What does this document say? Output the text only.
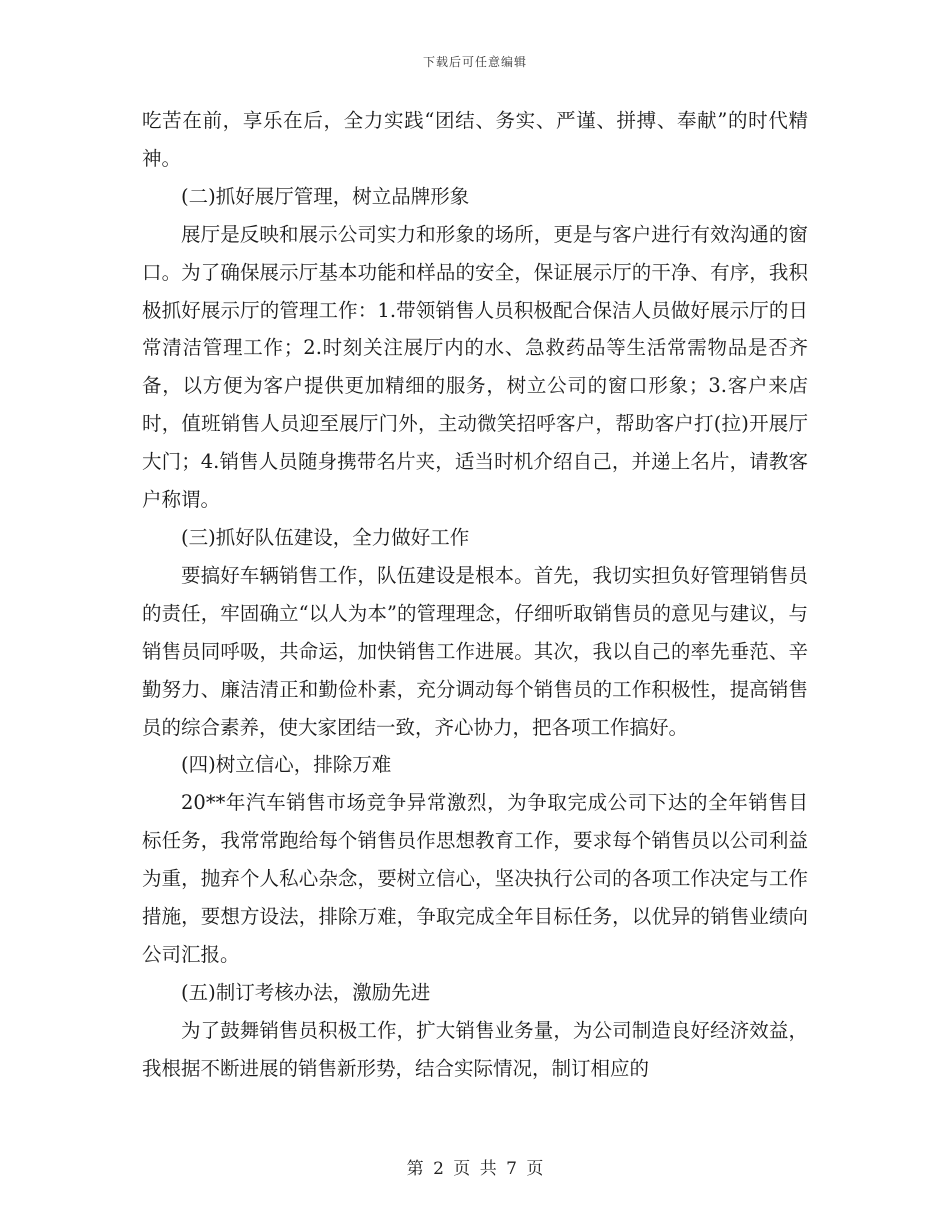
下载后可任意编辑

吃苦在前，享乐在后，全力实践“团结、务实、严谨、拼搏、奉献”的时代精神。

(二)抓好展厅管理，树立品牌形象

展厅是反映和展示公司实力和形象的场所，更是与客户进行有效沟通的窗口。为了确保展示厅基本功能和样品的安全，保证展示厅的干净、有序，我积极抓好展示厅的管理工作：1.带领销售人员积极配合保洁人员做好展示厅的日常清洁管理工作；2.时刻关注展厅内的水、急救药品等生活常需物品是否齐备，以方便为客户提供更加精细的服务，树立公司的窗口形象；3.客户来店时，值班销售人员迎至展厅门外，主动微笑招呼客户，帮助客户打(拉)开展厅大门；4.销售人员随身携带名片夹，适当时机介绍自己，并递上名片，请教客户称谓。

(三)抓好队伍建设，全力做好工作

要搞好车辆销售工作，队伍建设是根本。首先，我切实担负好管理销售员的责任，牢固确立“以人为本”的管理理念，仔细听取销售员的意见与建议，与销售员同呼吸，共命运，加快销售工作进展。其次，我以自己的率先垂范、辛勤努力、廉洁清正和勤俭朴素，充分调动每个销售员的工作积极性，提高销售员的综合素养，使大家团结一致，齐心协力，把各项工作搞好。

(四)树立信心，排除万难

20**年汽车销售市场竞争异常激烈，为争取完成公司下达的全年销售目标任务，我常常跑给每个销售员作思想教育工作，要求每个销售员以公司利益为重，抛弃个人私心杂念，要树立信心，坚决执行公司的各项工作决定与工作措施，要想方设法，排除万难，争取完成全年目标任务，以优异的销售业绩向公司汇报。

(五)制订考核办法，激励先进

为了鼓舞销售员积极工作，扩大销售业务量，为公司制造良好经济效益，我根据不断进展的销售新形势，结合实际情况，制订相应的

第 2 页 共 7 页
